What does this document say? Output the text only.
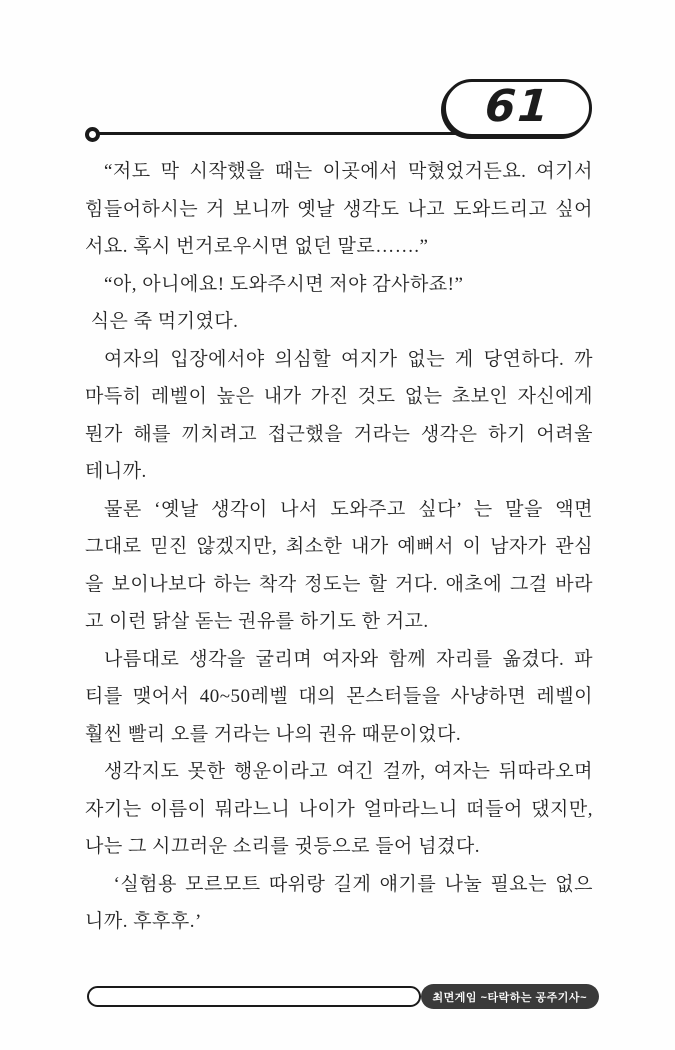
61
“저도 막 시작했을 때는 이곳에서 막혔었거든요. 여기서
힘들어하시는 거 보니까 옛날 생각도 나고 도와드리고 싶어
서요. 혹시 번거로우시면 없던 말로…….”
“아, 아니에요! 도와주시면 저야 감사하죠!”
식은 죽 먹기였다.
여자의 입장에서야 의심할 여지가 없는 게 당연하다. 까
마득히 레벨이 높은 내가 가진 것도 없는 초보인 자신에게
뭔가 해를 끼치려고 접근했을 거라는 생각은 하기 어려울
테니까.
물론 ‘옛날 생각이 나서 도와주고 싶다’ 는 말을 액면
그대로 믿진 않겠지만, 최소한 내가 예뻐서 이 남자가 관심
을 보이나보다 하는 착각 정도는 할 거다. 애초에 그걸 바라
고 이런 닭살 돋는 권유를 하기도 한 거고.
나름대로 생각을 굴리며 여자와 함께 자리를 옮겼다. 파
티를 맺어서 40~50레벨 대의 몬스터들을 사냥하면 레벨이
훨씬 빨리 오를 거라는 나의 권유 때문이었다.
생각지도 못한 행운이라고 여긴 걸까, 여자는 뒤따라오며
자기는 이름이 뭐라느니 나이가 얼마라느니 떠들어 댔지만,
나는 그 시끄러운 소리를 귓등으로 들어 넘겼다.
‘실험용 모르모트 따위랑 길게 얘기를 나눌 필요는 없으
니까. 후후후.’
최면게임 ~타락하는 공주기사~
